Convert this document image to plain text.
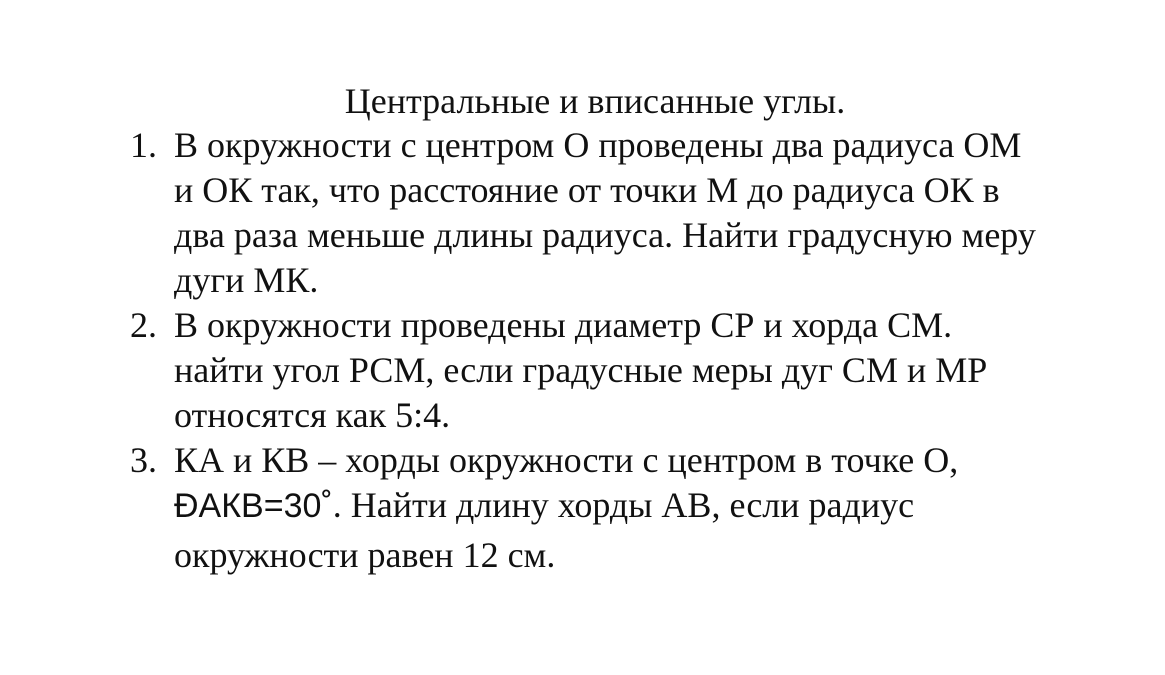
Центральные и вписанные углы.
1. В окружности с центром О проведены два радиуса ОМ
и ОК так, что расстояние от точки М до радиуса ОК в
два раза меньше длины радиуса. Найти градусную меру
дуги МК.
2. В окружности проведены диаметр СР и хорда СМ.
найти угол РСМ, если градусные меры дуг СМ и МР
относятся как 5:4.
3. КА и КВ – хорды окружности с центром в точке О,
ÐАКВ=30˚. Найти длину хорды АВ, если радиус
окружности равен 12 см.
